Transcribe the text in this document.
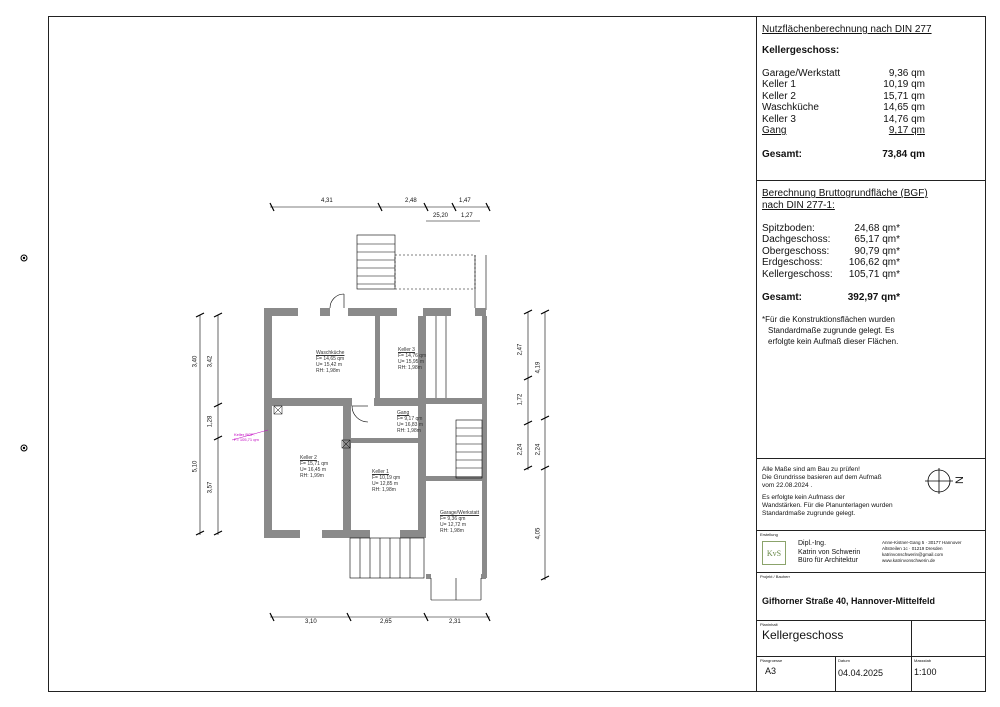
4,31	2,48	1,47
25,20 1,27
3,10	2,65	2,31
3,40 3,42
1,28
5,10
3,57
2,47
4,19
1,72
2,24 2,24
4,05
Keller BGF:
F= 105,71 qm
Waschküche
F= 14,65 qm
U= 15,42 m
RH: 1,98m
Keller 3
F= 14,76 qm
U= 15,95 m
RH: 1,98m
Gang
F= 9,17 qm
U= 16,83 m
RH: 1,98m
Keller 2
F= 15,71 qm
U= 16,45 m
RH: 1,99m
Keller 1
F= 10,19 qm
U= 12,85 m
RH: 1,98m
Garage/Werkstatt
F= 9,36 qm
U= 12,72 m
RH: 1,98m
Nutzflächenberechnung nach DIN 277
Kellergeschoss:
Garage/Werkstatt	9,36 qm
Keller 1	10,19 qm
Keller 2	15,71 qm
Waschküche	14,65 qm
Keller 3	14,76 qm
Gang	9,17 qm
Gesamt:	73,84 qm
Berechnung Bruttogrundfläche (BGF)
nach DIN 277-1:
Spitzboden:	24,68 qm*
Dachgeschoss: 65,17 qm*
Obergeschoss:	90,79 qm*
Erdgeschoss:	106,62 qm*
Kellergeschoss: 105,71 qm*
Gesamt:	392,97 qm*
*Für die Konstruktionsflächen wurden
Standardmaße zugrunde gelegt. Es
erfolgte kein Aufmaß dieser Flächen.
Alle Maße sind am Bau zu prüfen!
Die Grundrisse basieren auf dem Aufmaß
vom 22.08.2024 .
Es erfolgte kein Aufmass der
Wandstärken. Für die Planunterlagen wurden
Standardmaße zugrunde gelegt.
N
Erstellung
KvS
Dipl.-Ing.
Katrin von Schwerin
Büro für Architektur
Anne-Kistner-Gang 5 · 30177 Hannover
Altstreilen 1c · 01219 Dresden
katrinvonschwerin@gmail.com
www.katrinvonschwerin.de
Projekt / Bauherr
Gifhorner Straße 40, Hannover-Mittelfeld
Planinhalt
Kellergeschoss
Plangroesse
A3
Datum
04.04.2025
Massstab
1:100
